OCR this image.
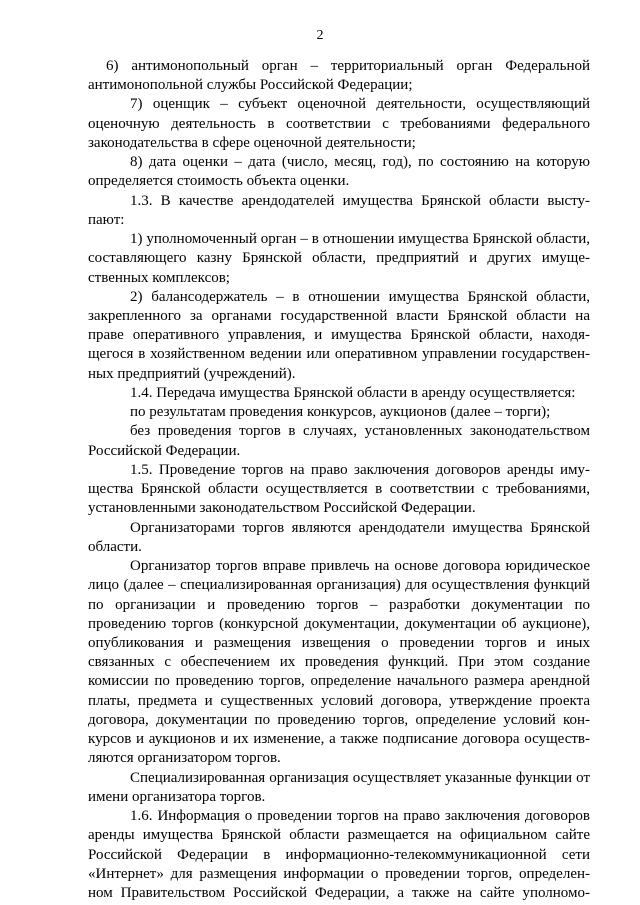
2
6) антимонопольный орган – территориальный орган Федеральной
антимонопольной службы Российской Федерации;
7) оценщик – субъект оценочной деятельности, осуществляющий
оценочную деятельность в соответствии с требованиями федерального
законодательства в сфере оценочной деятельности;
8) дата оценки – дата (число, месяц, год), по состоянию на которую
определяется стоимость объекта оценки.
1.3. В качестве арендодателей имущества Брянской области высту-
пают:
1) уполномоченный орган – в отношении имущества Брянской области,
составляющего казну Брянской области, предприятий и других имуще-
ственных комплексов;
2) балансодержатель – в отношении имущества Брянской области,
закрепленного за органами государственной власти Брянской области на
праве оперативного управления, и имущества Брянской области, находя-
щегося в хозяйственном ведении или оперативном управлении государствен-
ных предприятий (учреждений).
1.4. Передача имущества Брянской области в аренду осуществляется:
по результатам проведения конкурсов, аукционов (далее – торги);
без проведения торгов в случаях, установленных законодательством
Российской Федерации.
1.5. Проведение торгов на право заключения договоров аренды иму-
щества Брянской области осуществляется в соответствии с требованиями,
установленными законодательством Российской Федерации.
Организаторами торгов являются арендодатели имущества Брянской
области.
Организатор торгов вправе привлечь на основе договора юридическое
лицо (далее – специализированная организация) для осуществления функций
по организации и проведению торгов – разработки документации по
проведению торгов (конкурсной документации, документации об аукционе),
опубликования и размещения извещения о проведении торгов и иных
связанных с обеспечением их проведения функций. При этом создание
комиссии по проведению торгов, определение начального размера арендной
платы, предмета и существенных условий договора, утверждение проекта
договора, документации по проведению торгов, определение условий кон-
курсов и аукционов и их изменение, а также подписание договора осуществ-
ляются организатором торгов.
Специализированная организация осуществляет указанные функции от
имени организатора торгов.
1.6. Информация о проведении торгов на право заключения договоров
аренды имущества Брянской области размещается на официальном сайте
Российской Федерации в информационно-телекоммуникационной сети
«Интернет» для размещения информации о проведении торгов, определен-
ном Правительством Российской Федерации, а также на сайте уполномо-
